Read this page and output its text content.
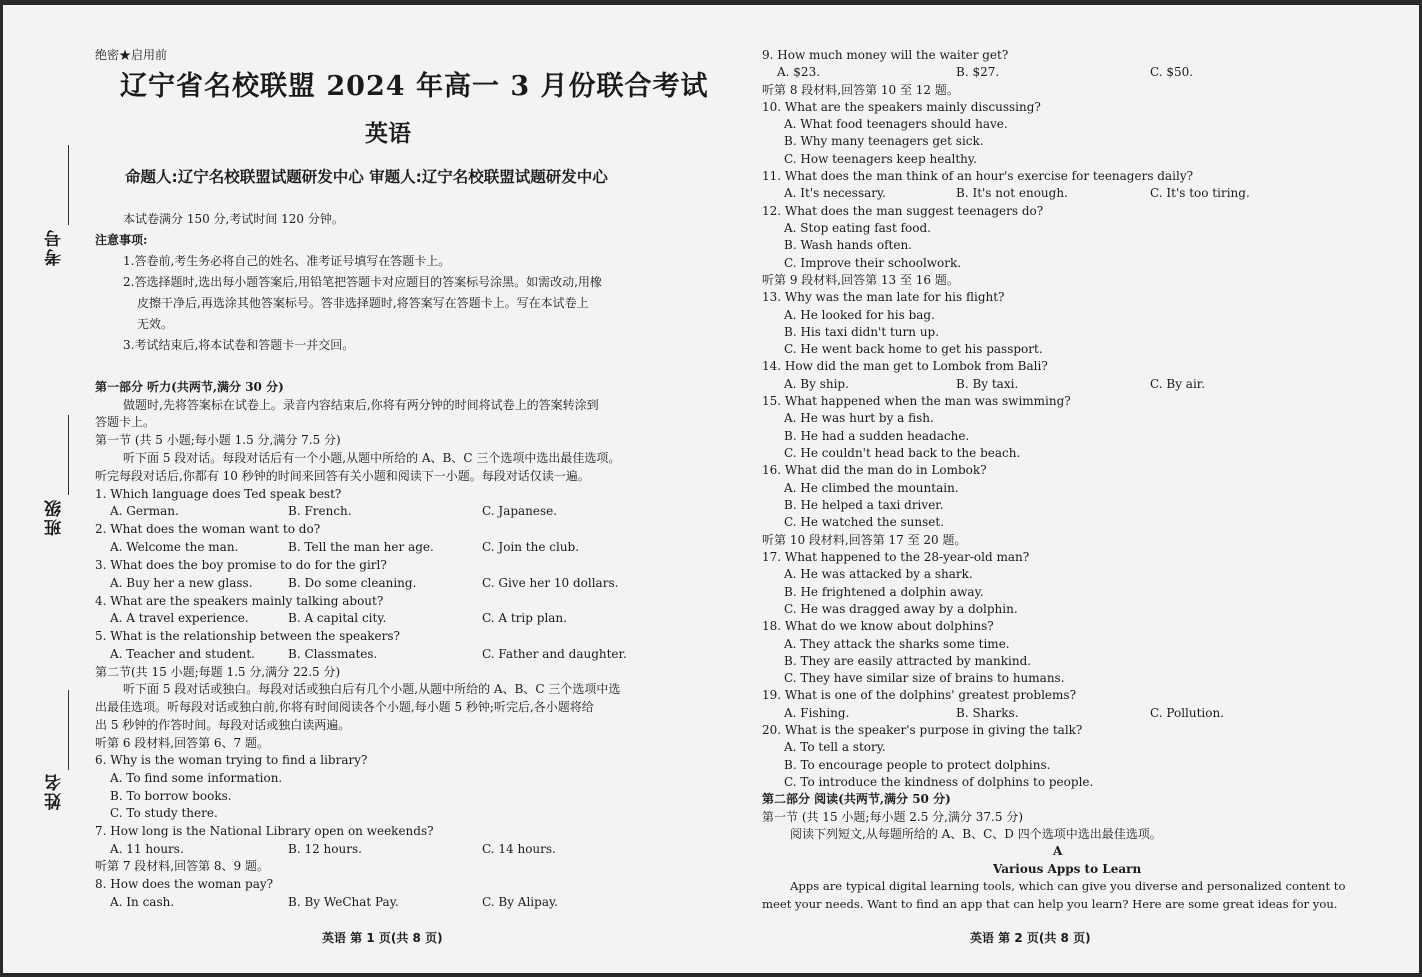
考号
班级
姓名
绝密★启用前
辽宁省名校联盟 2024 年高一 3 月份联合考试
英语
命题人:辽宁名校联盟试题研发中心 审题人:辽宁名校联盟试题研发中心
本试卷满分 150 分,考试时间 120 分钟。
注意事项:
1.答卷前,考生务必将自己的姓名、准考证号填写在答题卡上。
2.答选择题时,选出每小题答案后,用铅笔把答题卡对应题目的答案标号涂黑。如需改动,用橡
皮擦干净后,再选涂其他答案标号。答非选择题时,将答案写在答题卡上。写在本试卷上
无效。
3.考试结束后,将本试卷和答题卡一并交回。
第一部分 听力(共两节,满分 30 分)
做题时,先将答案标在试卷上。录音内容结束后,你将有两分钟的时间将试卷上的答案转涂到
答题卡上。
第一节 (共 5 小题;每小题 1.5 分,满分 7.5 分)
听下面 5 段对话。每段对话后有一个小题,从题中所给的 A、B、C 三个选项中选出最佳选项。
听完每段对话后,你都有 10 秒钟的时间来回答有关小题和阅读下一小题。每段对话仅读一遍。
1. Which language does Ted speak best?
A. German.	B. French.	C. Japanese.
2. What does the woman want to do?
A. Welcome the man.	B. Tell the man her age.	C. Join the club.
3. What does the boy promise to do for the girl?
A. Buy her a new glass.	B. Do some cleaning.	C. Give her 10 dollars.
4. What are the speakers mainly talking about?
A. A travel experience.	B. A capital city.	C. A trip plan.
5. What is the relationship between the speakers?
A. Teacher and student.	B. Classmates.	C. Father and daughter.
第二节(共 15 小题;每题 1.5 分,满分 22.5 分)
听下面 5 段对话或独白。每段对话或独白后有几个小题,从题中所给的 A、B、C 三个选项中选
出最佳选项。听每段对话或独白前,你将有时间阅读各个小题,每小题 5 秒钟;听完后,各小题将给
出 5 秒钟的作答时间。每段对话或独白读两遍。
听第 6 段材料,回答第 6、7 题。
6. Why is the woman trying to find a library?
A. To find some information.
B. To borrow books.
C. To study there.
7. How long is the National Library open on weekends?
A. 11 hours.	B. 12 hours.	C. 14 hours.
听第 7 段材料,回答第 8、9 题。
8. How does the woman pay?
A. In cash.	B. By WeChat Pay.	C. By Alipay.
9. How much money will the waiter get?
A. $23.	B. $27.	C. $50.
听第 8 段材料,回答第 10 至 12 题。
10. What are the speakers mainly discussing?
A. What food teenagers should have.
B. Why many teenagers get sick.
C. How teenagers keep healthy.
11. What does the man think of an hour's exercise for teenagers daily?
A. It's necessary.	B. It's not enough.	C. It's too tiring.
12. What does the man suggest teenagers do?
A. Stop eating fast food.
B. Wash hands often.
C. Improve their schoolwork.
听第 9 段材料,回答第 13 至 16 题。
13. Why was the man late for his flight?
A. He looked for his bag.
B. His taxi didn't turn up.
C. He went back home to get his passport.
14. How did the man get to Lombok from Bali?
A. By ship.	B. By taxi.	C. By air.
15. What happened when the man was swimming?
A. He was hurt by a fish.
B. He had a sudden headache.
C. He couldn't head back to the beach.
16. What did the man do in Lombok?
A. He climbed the mountain.
B. He helped a taxi driver.
C. He watched the sunset.
听第 10 段材料,回答第 17 至 20 题。
17. What happened to the 28-year-old man?
A. He was attacked by a shark.
B. He frightened a dolphin away.
C. He was dragged away by a dolphin.
18. What do we know about dolphins?
A. They attack the sharks some time.
B. They are easily attracted by mankind.
C. They have similar size of brains to humans.
19. What is one of the dolphins' greatest problems?
A. Fishing.	B. Sharks.	C. Pollution.
20. What is the speaker's purpose in giving the talk?
A. To tell a story.
B. To encourage people to protect dolphins.
C. To introduce the kindness of dolphins to people.
第二部分 阅读(共两节,满分 50 分)
第一节 (共 15 小题;每小题 2.5 分,满分 37.5 分)
阅读下列短文,从每题所给的 A、B、C、D 四个选项中选出最佳选项。
A
Various Apps to Learn
Apps are typical digital learning tools, which can give you diverse and personalized content to
meet your needs. Want to find an app that can help you learn? Here are some great ideas for you.
英语 第 1 页(共 8 页)	英语 第 2 页(共 8 页)
